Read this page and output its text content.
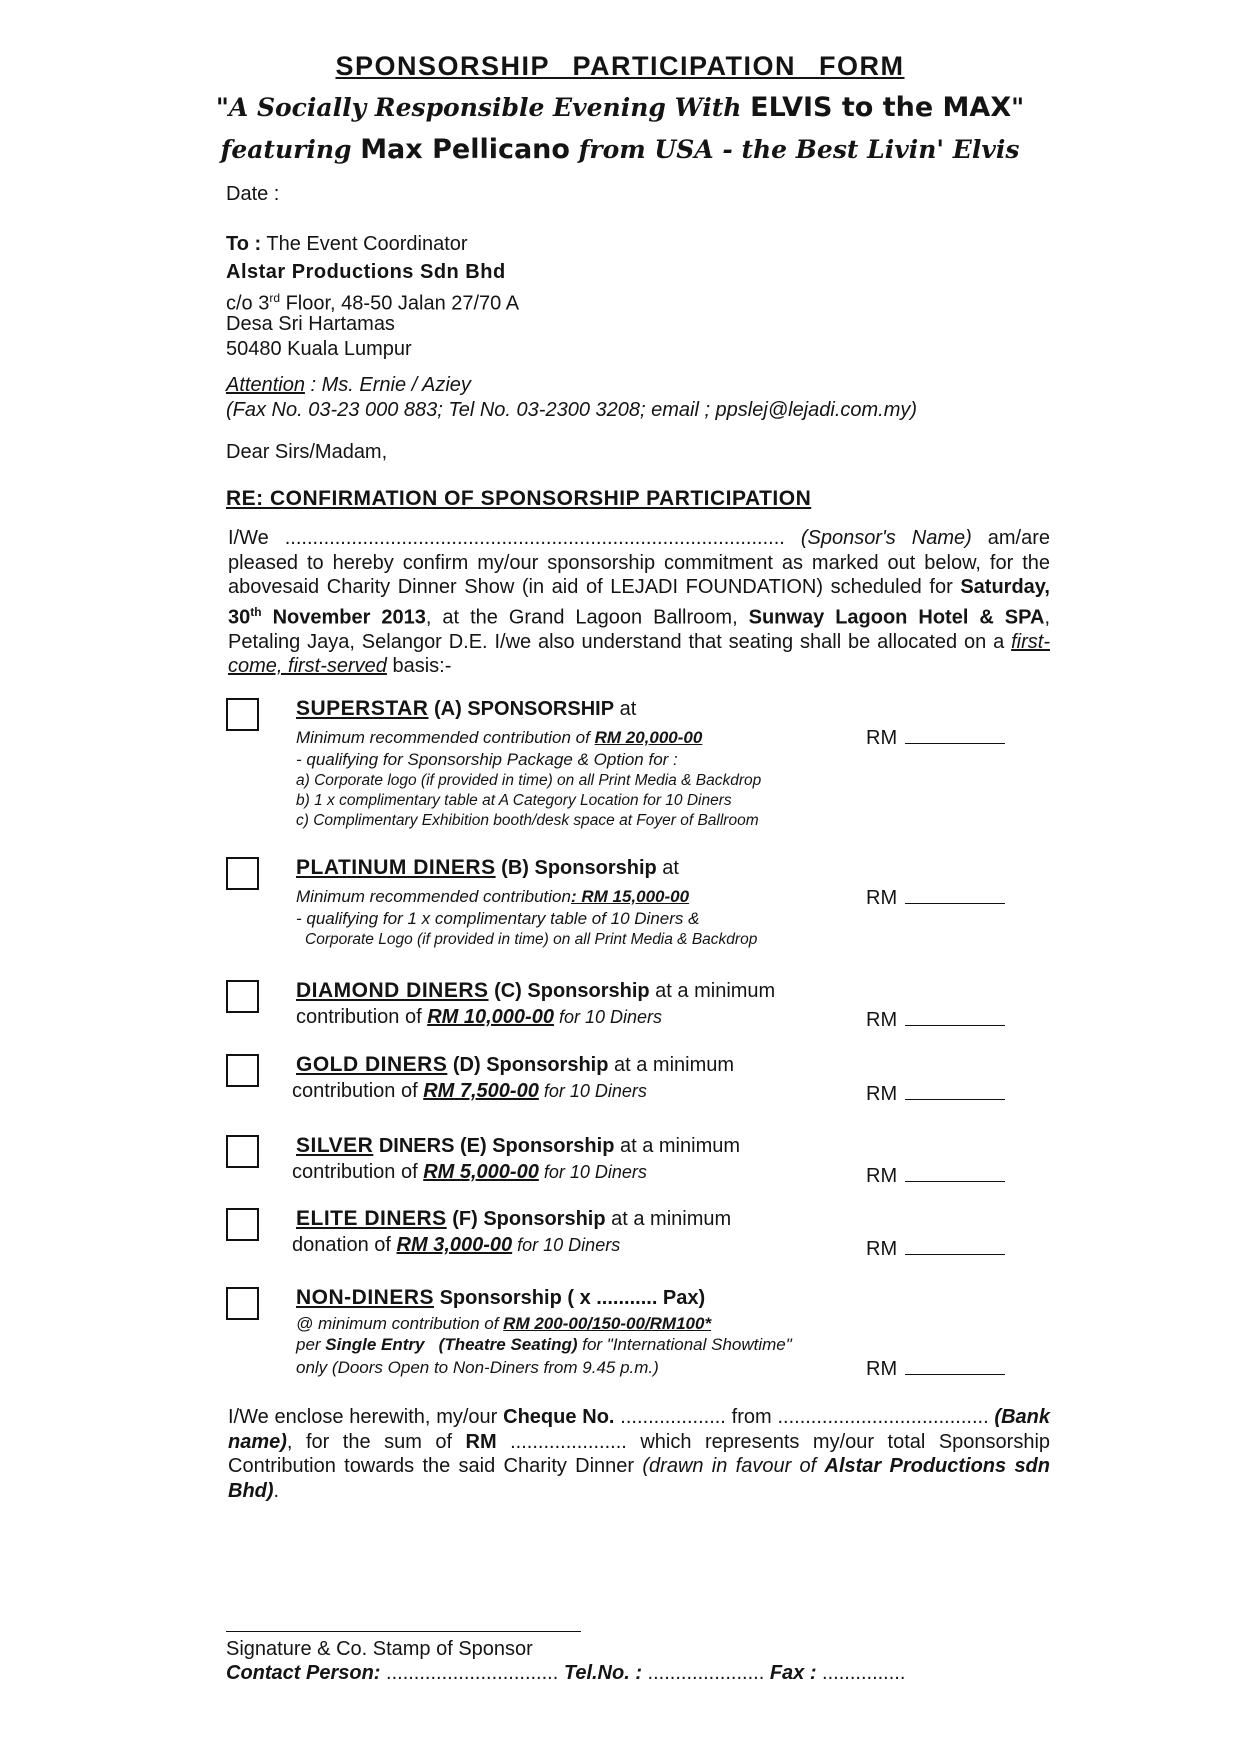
SPONSORSHIP PARTICIPATION FORM
"A Socially Responsible Evening With ELVIS to the MAX"
featuring Max Pellicano from USA - the Best Livin' Elvis
Date :
To : The Event Coordinator
Alstar Productions Sdn Bhd
c/o 3rd Floor, 48-50 Jalan 27/70 A
Desa Sri Hartamas
50480 Kuala Lumpur
Attention : Ms. Ernie / Aziey
(Fax No. 03-23 000 883; Tel No. 03-2300 3208; email ; ppslej@lejadi.com.my)
Dear Sirs/Madam,
RE: CONFIRMATION OF SPONSORSHIP PARTICIPATION
I/We .......................................................................................... (Sponsor's Name) am/are pleased to hereby confirm my/our sponsorship commitment as marked out below, for the abovesaid Charity Dinner Show (in aid of LEJADI FOUNDATION) scheduled for Saturday, 30th November 2013, at the Grand Lagoon Ballroom, Sunway Lagoon Hotel & SPA, Petaling Jaya, Selangor D.E. I/we also understand that seating shall be allocated on a first-come, first-served basis:-
SUPERSTAR (A) SPONSORSHIP at
Minimum recommended contribution of RM 20,000-00
- qualifying for Sponsorship Package & Option for :
a) Corporate logo (if provided in time) on all Print Media & Backdrop
b) 1 x complimentary table at A Category Location for 10 Diners
c) Complimentary Exhibition booth/desk space at Foyer of Ballroom
RM
PLATINUM DINERS (B) Sponsorship at
Minimum recommended contribution: RM 15,000-00
- qualifying for 1 x complimentary table of 10 Diners &
Corporate Logo (if provided in time) on all Print Media & Backdrop
RM
DIAMOND DINERS (C) Sponsorship at a minimum
contribution of RM 10,000-00 for 10 Diners	RM
GOLD DINERS (D) Sponsorship at a minimum
contribution of RM 7,500-00 for 10 Diners	RM
SILVER DINERS (E) Sponsorship at a minimum
contribution of RM 5,000-00 for 10 Diners	RM
ELITE DINERS (F) Sponsorship at a minimum
donation of RM 3,000-00 for 10 Diners	RM
NON-DINERS Sponsorship ( x ........... Pax)
@ minimum contribution of RM 200-00/150-00/RM100*
per Single Entry (Theatre Seating) for "International Showtime"
only (Doors Open to Non-Diners from 9.45 p.m.)	RM
I/We enclose herewith, my/our Cheque No. ................... from ...................................... (Bank name), for the sum of RM ..................... which represents my/our total Sponsorship Contribution towards the said Charity Dinner (drawn in favour of Alstar Productions sdn Bhd).
Signature & Co. Stamp of Sponsor
Contact Person: ............................... Tel.No. : ..................... Fax : ...............
